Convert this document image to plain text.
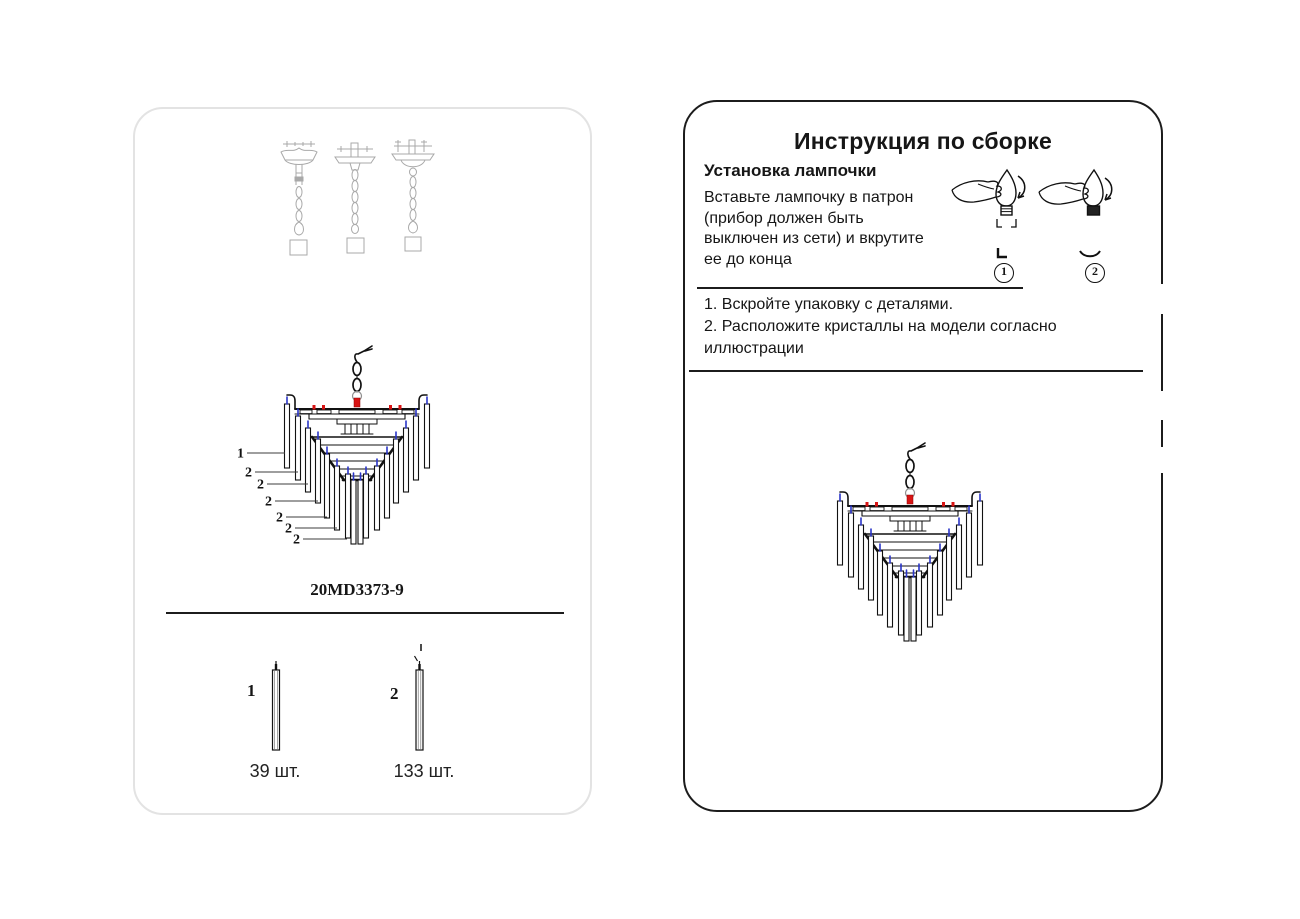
1
2
2
2
2
2
2
20MD3373-9
1
39 шт.
2
133 шт.
Инструкция по сборке
Установка лампочки
Вставьте лампочку в патрон
(прибор должен быть
выключен из сети) и вкрутите
ее до конца
1	2
1. Вскройте упаковку с деталями.
2. Расположите кристаллы на модели согласно
иллюстрации
